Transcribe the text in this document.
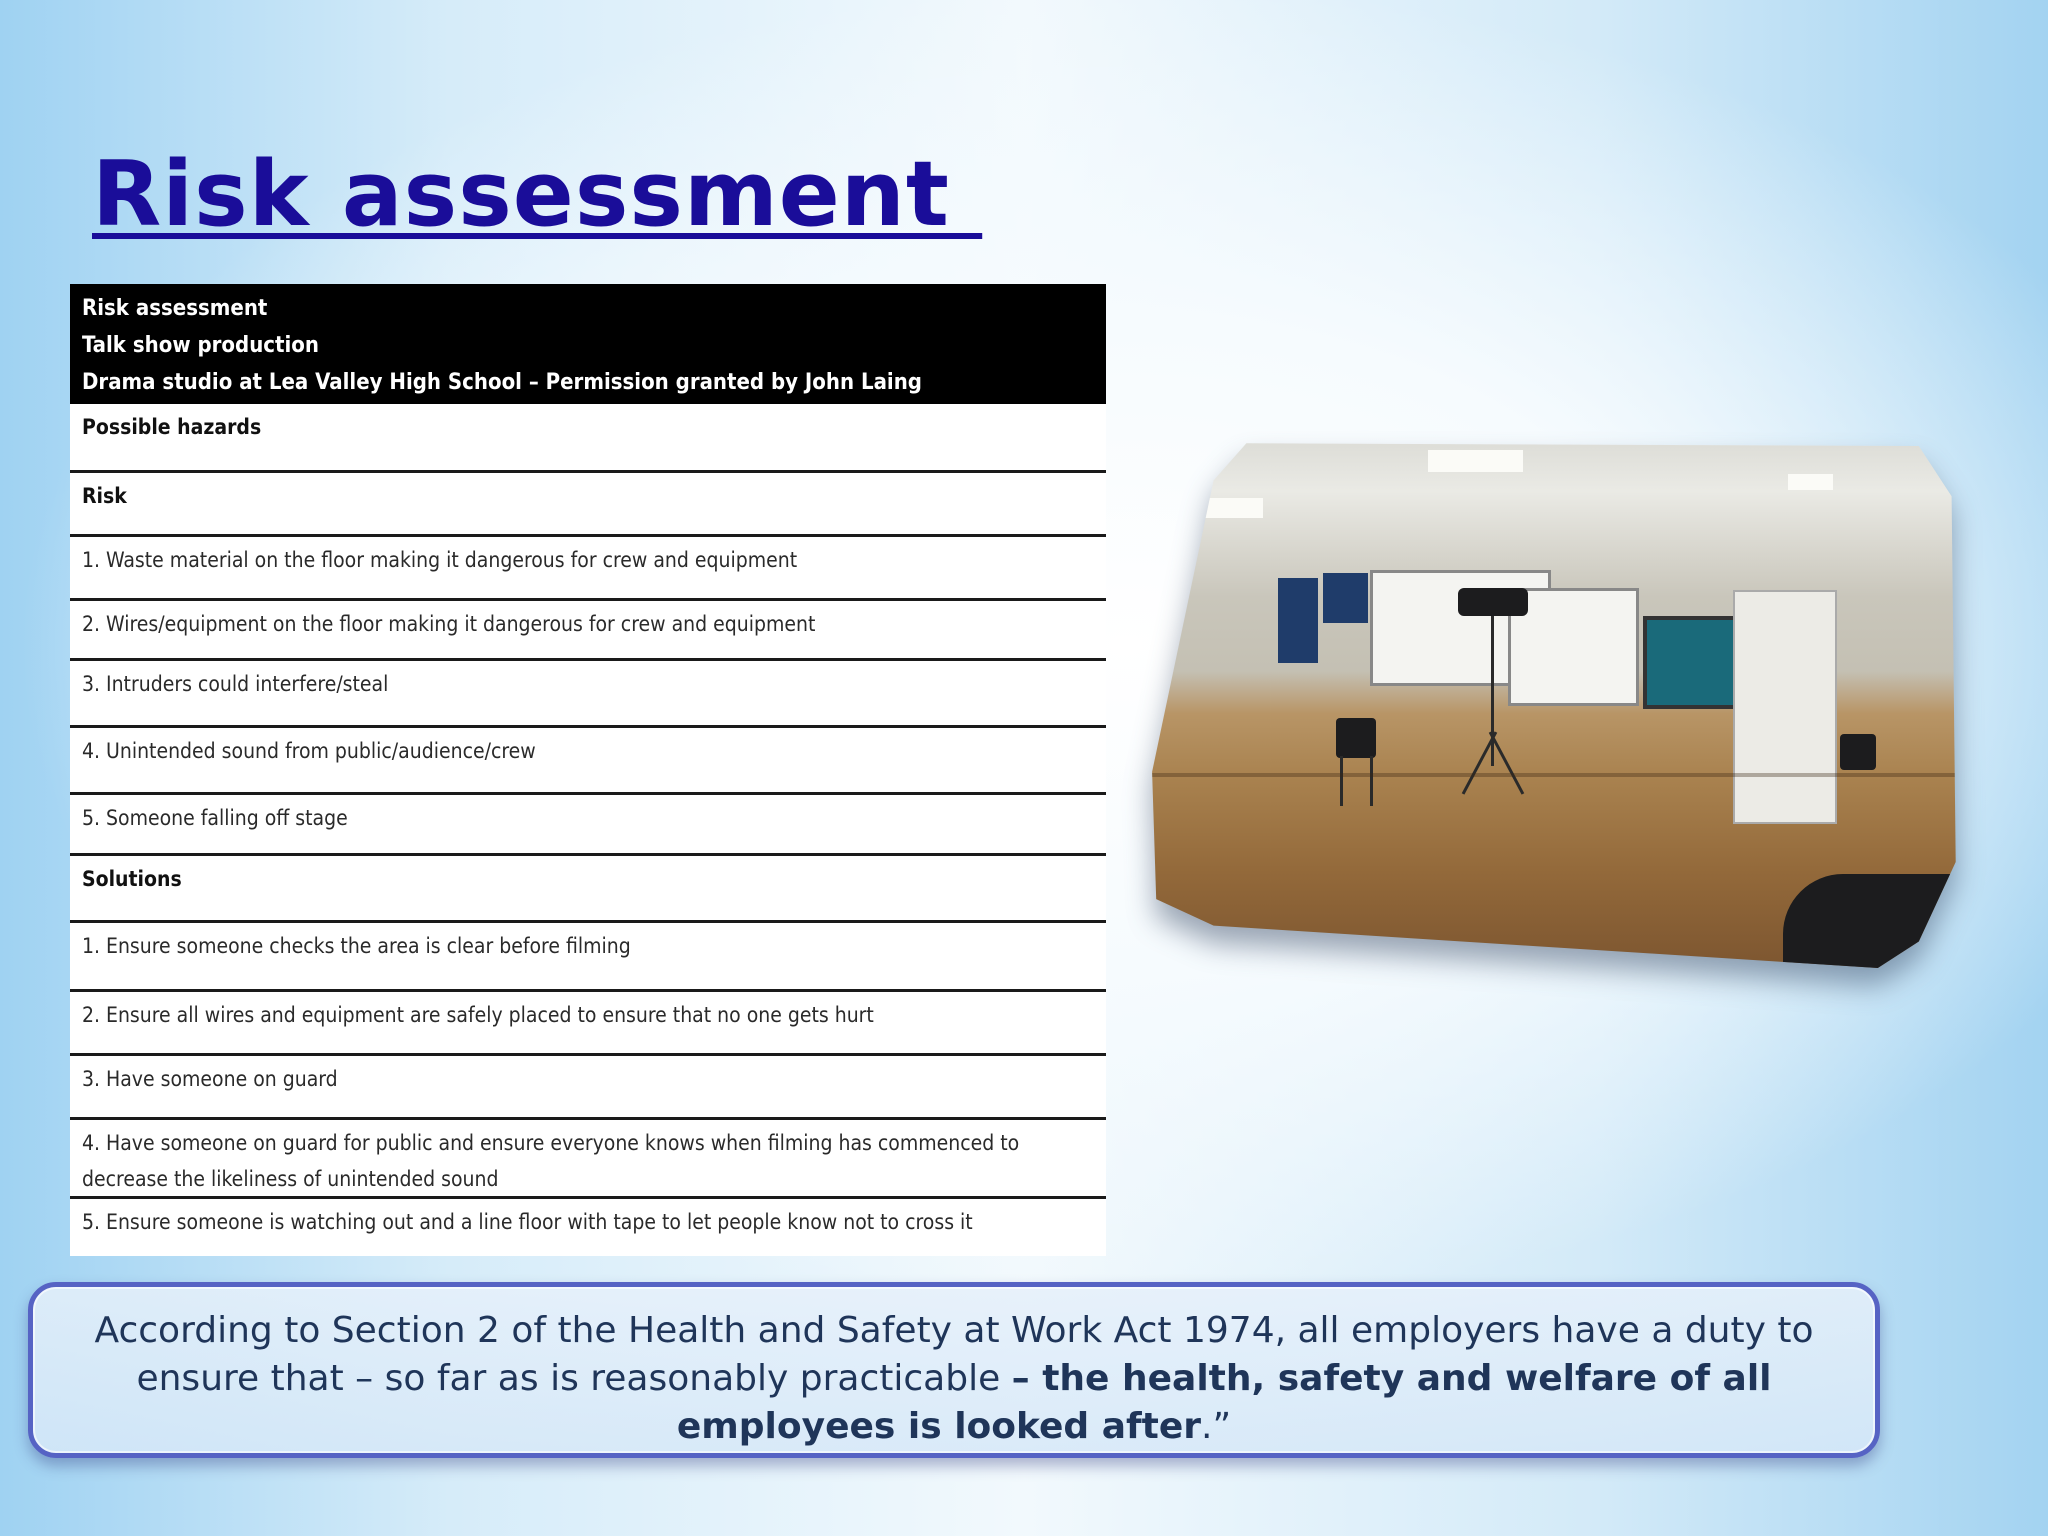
Risk assessment
Risk assessment
Talk show production
Drama studio at Lea Valley High School – Permission granted by John Laing
Possible hazards
Risk
1. Waste material on the floor making it dangerous for crew and equipment
2. Wires/equipment on the floor making it dangerous for crew and equipment
3. Intruders could interfere/steal
4. Unintended sound from public/audience/crew
5. Someone falling off stage
Solutions
1. Ensure someone checks the area is clear before filming
2. Ensure all wires and equipment are safely placed to ensure that no one gets hurt
3. Have someone on guard
4. Have someone on guard for public and ensure everyone knows when filming has commenced to decrease the likeliness of unintended sound
5. Ensure someone is watching out and a line floor with tape to let people know not to cross it
According to Section 2 of the Health and Safety at Work Act 1974, all employers have a duty to ensure that – so far as is reasonably practicable – the health, safety and welfare of all employees is looked after.”
